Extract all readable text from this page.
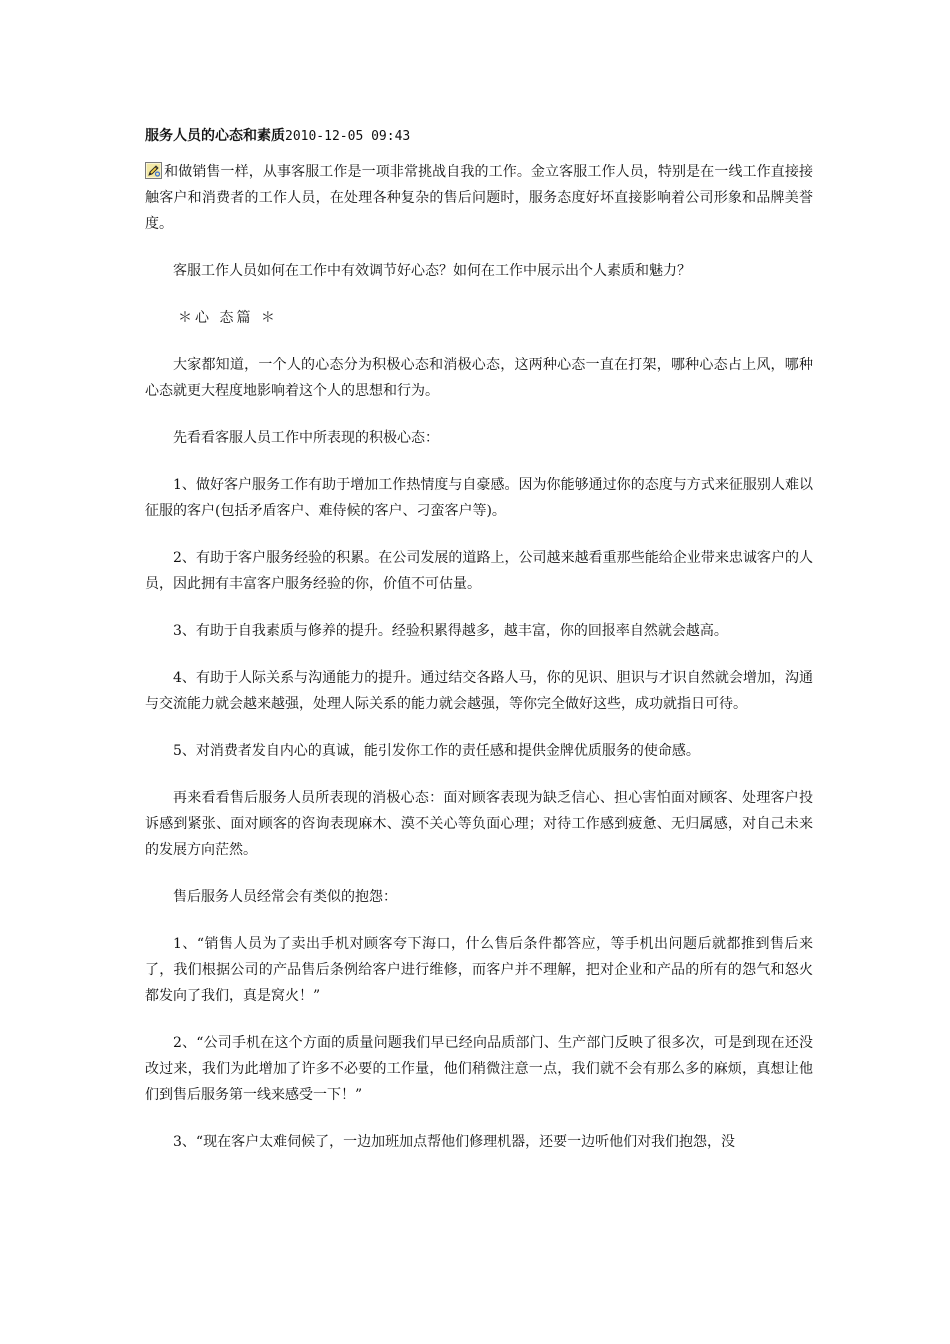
服务人员的心态和素质2010-12-05 09:43

和做销售一样，从事客服工作是一项非常挑战自我的工作。金立客服工作人员，特别是在一线工作直接接触客户和消费者的工作人员，在处理各种复杂的售后问题时，服务态度好坏直接影响着公司形象和品牌美誉度。

客服工作人员如何在工作中有效调节好心态？如何在工作中展示出个人素质和魅力？

＊心 态篇 ＊

大家都知道，一个人的心态分为积极心态和消极心态，这两种心态一直在打架，哪种心态占上风，哪种心态就更大程度地影响着这个人的思想和行为。

先看看客服人员工作中所表现的积极心态：

1、做好客户服务工作有助于增加工作热情度与自豪感。因为你能够通过你的态度与方式来征服别人难以征服的客户(包括矛盾客户、难侍候的客户、刁蛮客户等)。

2、有助于客户服务经验的积累。在公司发展的道路上，公司越来越看重那些能给企业带来忠诚客户的人员，因此拥有丰富客户服务经验的你，价值不可估量。

3、有助于自我素质与修养的提升。经验积累得越多，越丰富，你的回报率自然就会越高。

4、有助于人际关系与沟通能力的提升。通过结交各路人马，你的见识、胆识与才识自然就会增加，沟通与交流能力就会越来越强，处理人际关系的能力就会越强，等你完全做好这些，成功就指日可待。

5、对消费者发自内心的真诚，能引发你工作的责任感和提供金牌优质服务的使命感。

再来看看售后服务人员所表现的消极心态：面对顾客表现为缺乏信心、担心害怕面对顾客、处理客户投诉感到紧张、面对顾客的咨询表现麻木、漠不关心等负面心理；对待工作感到疲惫、无归属感，对自己未来的发展方向茫然。

售后服务人员经常会有类似的抱怨：

1、“销售人员为了卖出手机对顾客夸下海口，什么售后条件都答应，等手机出问题后就都推到售后来了，我们根据公司的产品售后条例给客户进行维修，而客户并不理解，把对企业和产品的所有的怨气和怒火都发向了我们，真是窝火！”

2、“公司手机在这个方面的质量问题我们早已经向品质部门、生产部门反映了很多次，可是到现在还没改过来，我们为此增加了许多不必要的工作量，他们稍微注意一点，我们就不会有那么多的麻烦，真想让他们到售后服务第一线来感受一下！”

3、“现在客户太难伺候了，一边加班加点帮他们修理机器，还要一边听他们对我们抱怨，没
